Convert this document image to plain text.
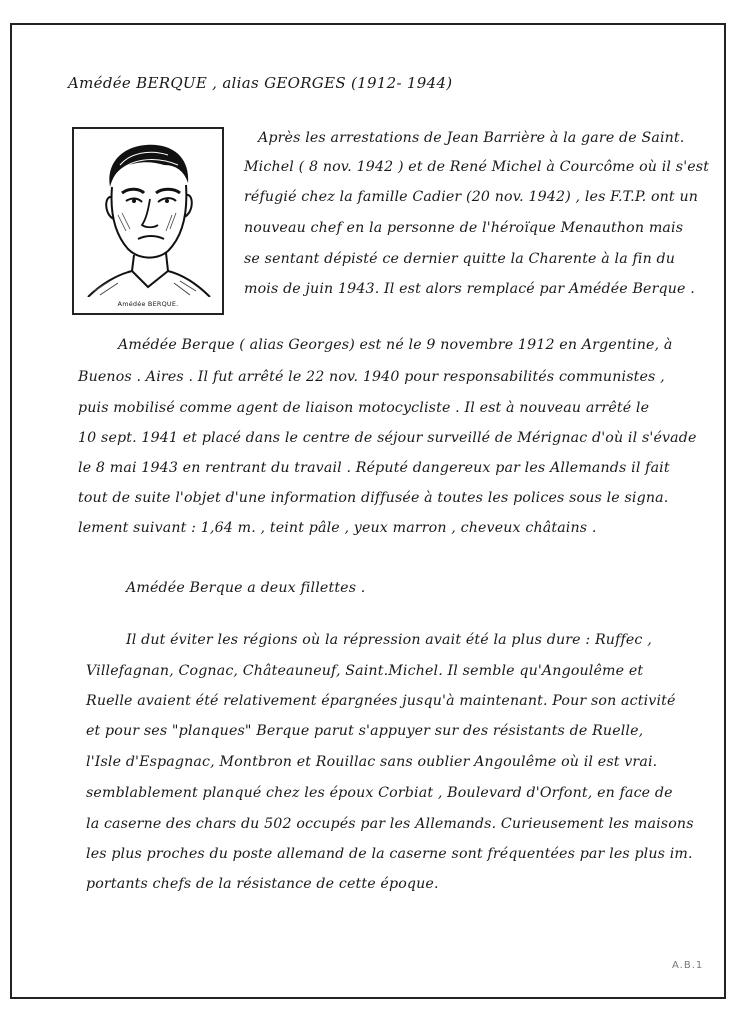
Amédée BERQUE , alias GEORGES (1912- 1944)
Amédée BERQUE.
Après les arrestations de Jean Barrière à la gare de Saint.
Michel ( 8 nov. 1942 ) et de René Michel à Courcôme où il s'est
réfugié chez la famille Cadier (20 nov. 1942) , les F.T.P. ont un
nouveau chef en la personne de l'héroïque Menauthon mais
se sentant dépisté ce dernier quitte la Charente à la fin du
mois de juin 1943. Il est alors remplacé par Amédée Berque .
Amédée Berque ( alias Georges) est né le 9 novembre 1912 en Argentine, à
Buenos . Aires . Il fut arrêté le 22 nov. 1940 pour responsabilités communistes ,
puis mobilisé comme agent de liaison motocycliste . Il est à nouveau arrêté le
10 sept. 1941 et placé dans le centre de séjour surveillé de Mérignac d'où il s'évade
le 8 mai 1943 en rentrant du travail . Réputé dangereux par les Allemands il fait
tout de suite l'objet d'une information diffusée à toutes les polices sous le signa.
lement suivant : 1,64 m. , teint pâle , yeux marron , cheveux châtains .
Amédée Berque a deux fillettes .
Il dut éviter les régions où la répression avait été la plus dure : Ruffec ,
Villefagnan, Cognac, Châteauneuf, Saint.Michel. Il semble qu'Angoulême et
Ruelle avaient été relativement épargnées jusqu'à maintenant. Pour son activité
et pour ses "planques" Berque parut s'appuyer sur des résistants de Ruelle,
l'Isle d'Espagnac, Montbron et Rouillac sans oublier Angoulême où il est vrai.
semblablement planqué chez les époux Corbiat , Boulevard d'Orfont, en face de
la caserne des chars du 502 occupés par les Allemands. Curieusement les maisons
les plus proches du poste allemand de la caserne sont fréquentées par les plus im.
portants chefs de la résistance de cette époque.
A.B.1
